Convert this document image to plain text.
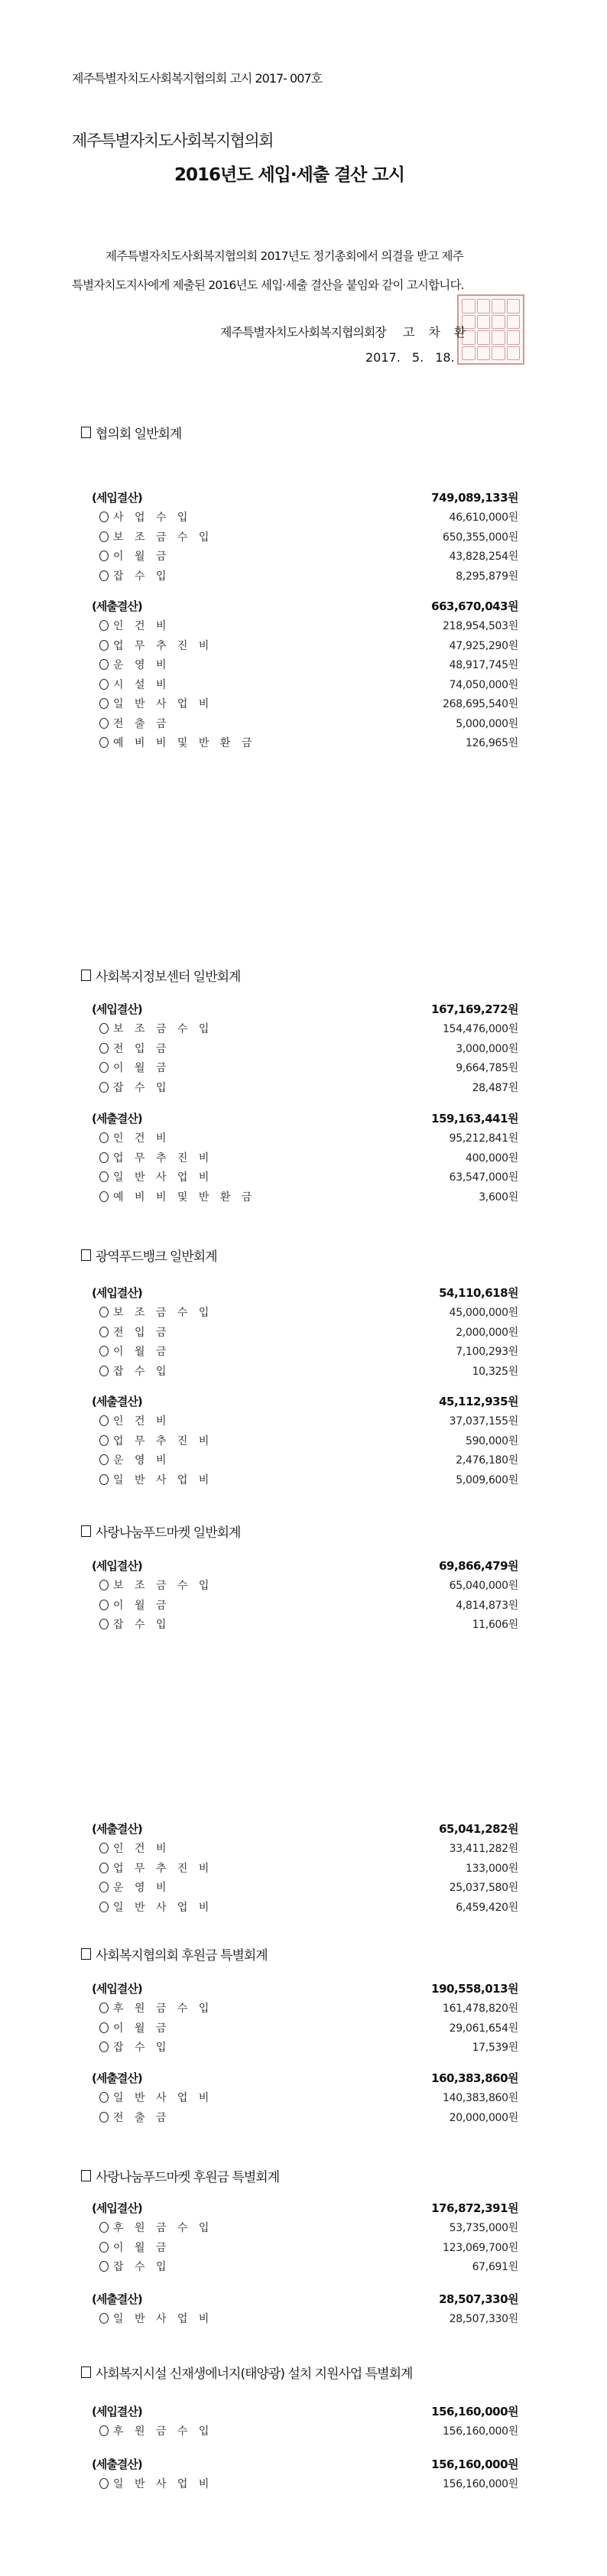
제주특별자치도사회복지협의회 고시 2017- 007호
제주특별자치도사회복지협의회
2016년도 세입·세출 결산 고시
제주특별자치도사회복지협의회 2017년도 정기총회에서 의결을 받고 제주
특별자치도지사에게 제출된 2016년도 세입·세출 결산을 붙임와 같이 고시합니다.
제주특별자치도사회복지협의회장 고 차 환
2017. 5. 18.
협의회 일반회계
(세입결산)	749,089,133원
사 업 수 입	46,610,000원
보 조 금 수 입	650,355,000원
이 월 금	43,828,254원
잡 수 입	8,295,879원
(세출결산)	663,670,043원
인 건 비	218,954,503원
업 무 추 진 비	47,925,290원
운 영 비	48,917,745원
시 설 비	74,050,000원
일 반 사 업 비	268,695,540원
전 출 금	5,000,000원
예 비 비 및 반 환 금	126,965원
사회복지정보센터 일반회계
(세입결산)	167,169,272원
보 조 금 수 입	154,476,000원
전 입 금	3,000,000원
이 월 금	9,664,785원
잡 수 입	28,487원
(세출결산)	159,163,441원
인 건 비	95,212,841원
업 무 추 진 비	400,000원
일 반 사 업 비	63,547,000원
예 비 비 및 반 환 금	3,600원
광역푸드뱅크 일반회계
(세입결산)	54,110,618원
보 조 금 수 입	45,000,000원
전 입 금	2,000,000원
이 월 금	7,100,293원
잡 수 입	10,325원
(세출결산)	45,112,935원
인 건 비	37,037,155원
업 무 추 진 비	590,000원
운 영 비	2,476,180원
일 반 사 업 비	5,009,600원
사랑나눔푸드마켓 일반회계
(세입결산)	69,866,479원
보 조 금 수 입	65,040,000원
이 월 금	4,814,873원
잡 수 입	11,606원
(세출결산)	65,041,282원
인 건 비	33,411,282원
업 무 추 진 비	133,000원
운 영 비	25,037,580원
일 반 사 업 비	6,459,420원
사회복지협의회 후원금 특별회계
(세입결산)	190,558,013원
후 원 금 수 입	161,478,820원
이 월 금	29,061,654원
잡 수 입	17,539원
(세출결산)	160,383,860원
일 반 사 업 비	140,383,860원
전 출 금	20,000,000원
사랑나눔푸드마켓 후원금 특별회계
(세입결산)	176,872,391원
후 원 금 수 입	53,735,000원
이 월 금	123,069,700원
잡 수 입	67,691원
(세출결산)	28,507,330원
일 반 사 업 비	28,507,330원
사회복지시설 신재생에너지(태양광) 설치 지원사업 특별회계
(세입결산)	156,160,000원
후 원 금 수 입	156,160,000원
(세출결산)	156,160,000원
일 반 사 업 비	156,160,000원
